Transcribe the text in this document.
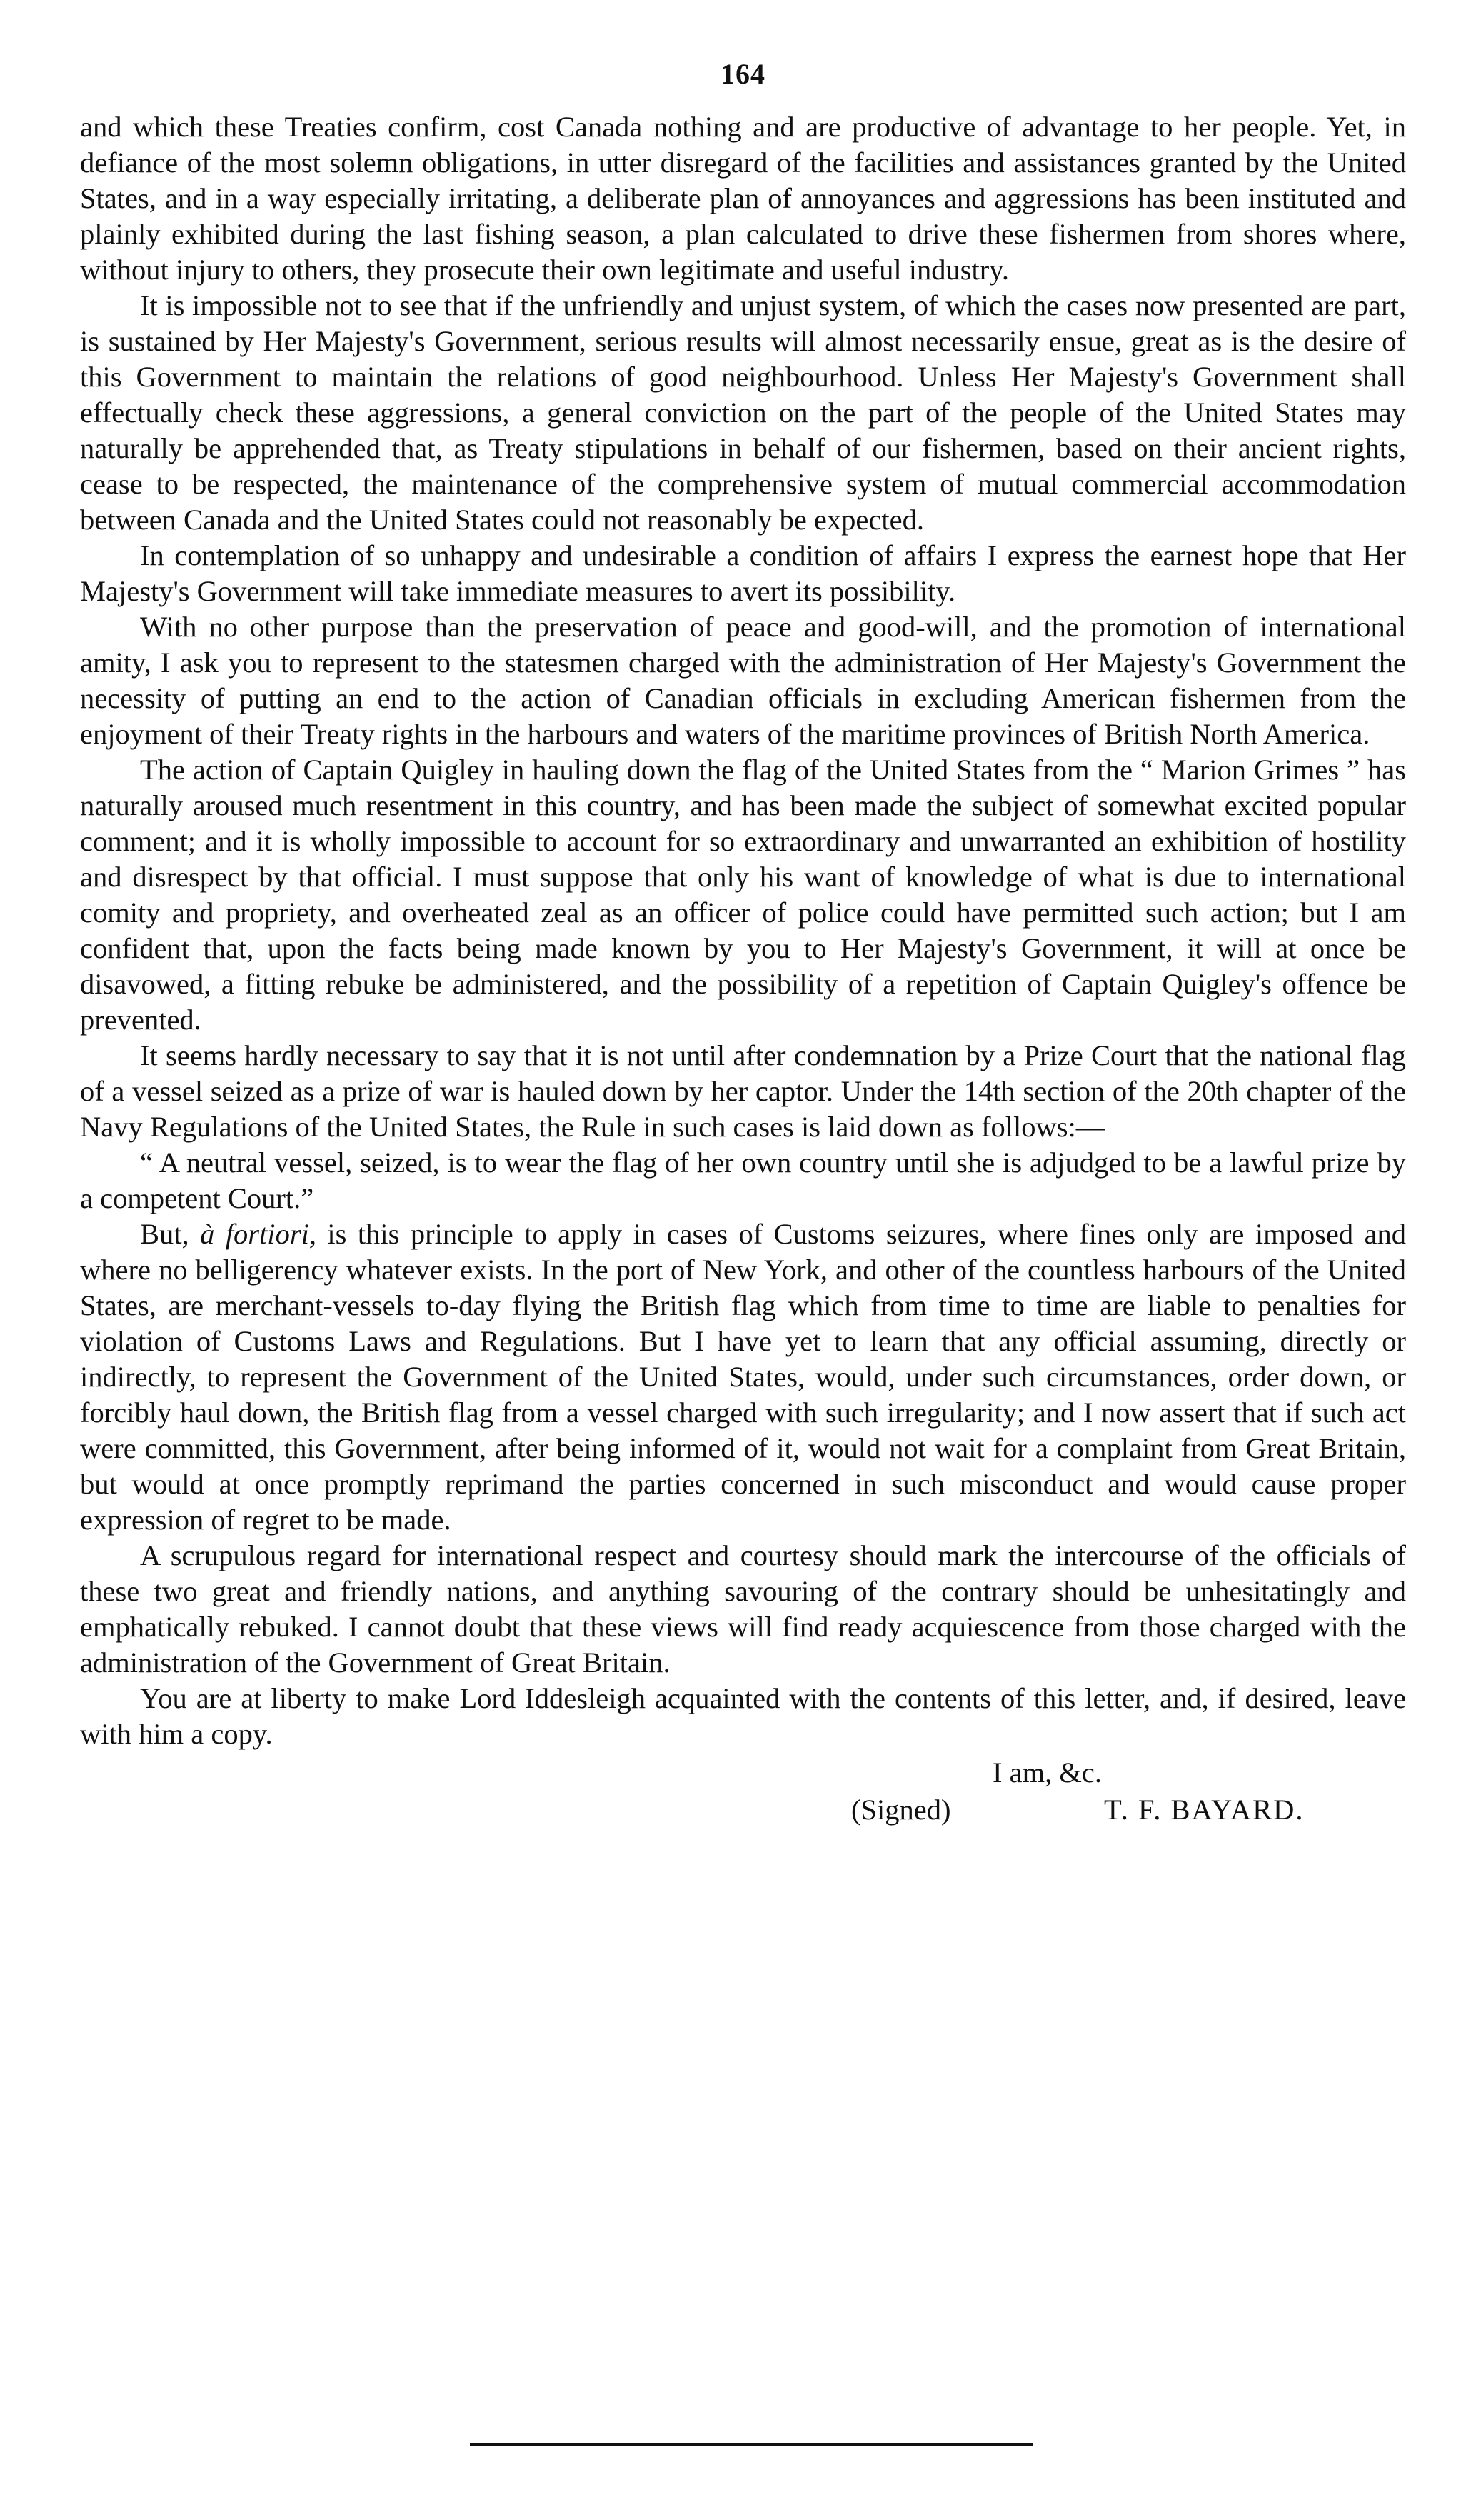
164

and which these Treaties confirm, cost Canada nothing and are productive of advantage to her people. Yet, in defiance of the most solemn obligations, in utter disregard of the facilities and assistances granted by the United States, and in a way especially irritating, a deliberate plan of annoyances and aggressions has been instituted and plainly exhibited during the last fishing season, a plan calculated to drive these fishermen from shores where, without injury to others, they prosecute their own legitimate and useful industry.

It is impossible not to see that if the unfriendly and unjust system, of which the cases now presented are part, is sustained by Her Majesty's Government, serious results will almost necessarily ensue, great as is the desire of this Government to maintain the relations of good neighbourhood. Unless Her Majesty's Government shall effectually check these aggressions, a general conviction on the part of the people of the United States may naturally be apprehended that, as Treaty stipulations in behalf of our fishermen, based on their ancient rights, cease to be respected, the maintenance of the comprehensive system of mutual commercial accommodation between Canada and the United States could not reasonably be expected.

In contemplation of so unhappy and undesirable a condition of affairs I express the earnest hope that Her Majesty's Government will take immediate measures to avert its possibility.

With no other purpose than the preservation of peace and good-will, and the promotion of international amity, I ask you to represent to the statesmen charged with the administration of Her Majesty's Government the necessity of putting an end to the action of Canadian officials in excluding American fishermen from the enjoyment of their Treaty rights in the harbours and waters of the maritime provinces of British North America.

The action of Captain Quigley in hauling down the flag of the United States from the “ Marion Grimes ” has naturally aroused much resentment in this country, and has been made the subject of somewhat excited popular comment; and it is wholly impossible to account for so extraordinary and unwarranted an exhibition of hostility and disrespect by that official. I must suppose that only his want of knowledge of what is due to international comity and propriety, and overheated zeal as an officer of police could have permitted such action; but I am confident that, upon the facts being made known by you to Her Majesty's Government, it will at once be disavowed, a fitting rebuke be administered, and the possibility of a repetition of Captain Quigley's offence be prevented.

It seems hardly necessary to say that it is not until after condemnation by a Prize Court that the national flag of a vessel seized as a prize of war is hauled down by her captor. Under the 14th section of the 20th chapter of the Navy Regulations of the United States, the Rule in such cases is laid down as follows:—

“ A neutral vessel, seized, is to wear the flag of her own country until she is adjudged to be a lawful prize by a competent Court.”

But, à fortiori, is this principle to apply in cases of Customs seizures, where fines only are imposed and where no belligerency whatever exists. In the port of New York, and other of the countless harbours of the United States, are merchant-vessels to-day flying the British flag which from time to time are liable to penalties for violation of Customs Laws and Regulations. But I have yet to learn that any official assuming, directly or indirectly, to represent the Government of the United States, would, under such circumstances, order down, or forcibly haul down, the British flag from a vessel charged with such irregularity; and I now assert that if such act were committed, this Government, after being informed of it, would not wait for a complaint from Great Britain, but would at once promptly reprimand the parties concerned in such misconduct and would cause proper expression of regret to be made.

A scrupulous regard for international respect and courtesy should mark the intercourse of the officials of these two great and friendly nations, and anything savouring of the contrary should be unhesitatingly and emphatically rebuked. I cannot doubt that these views will find ready acquiescence from those charged with the administration of the Government of Great Britain.

You are at liberty to make Lord Iddesleigh acquainted with the contents of this letter, and, if desired, leave with him a copy.

I am, &c.
(Signed)	T. F. BAYARD.
